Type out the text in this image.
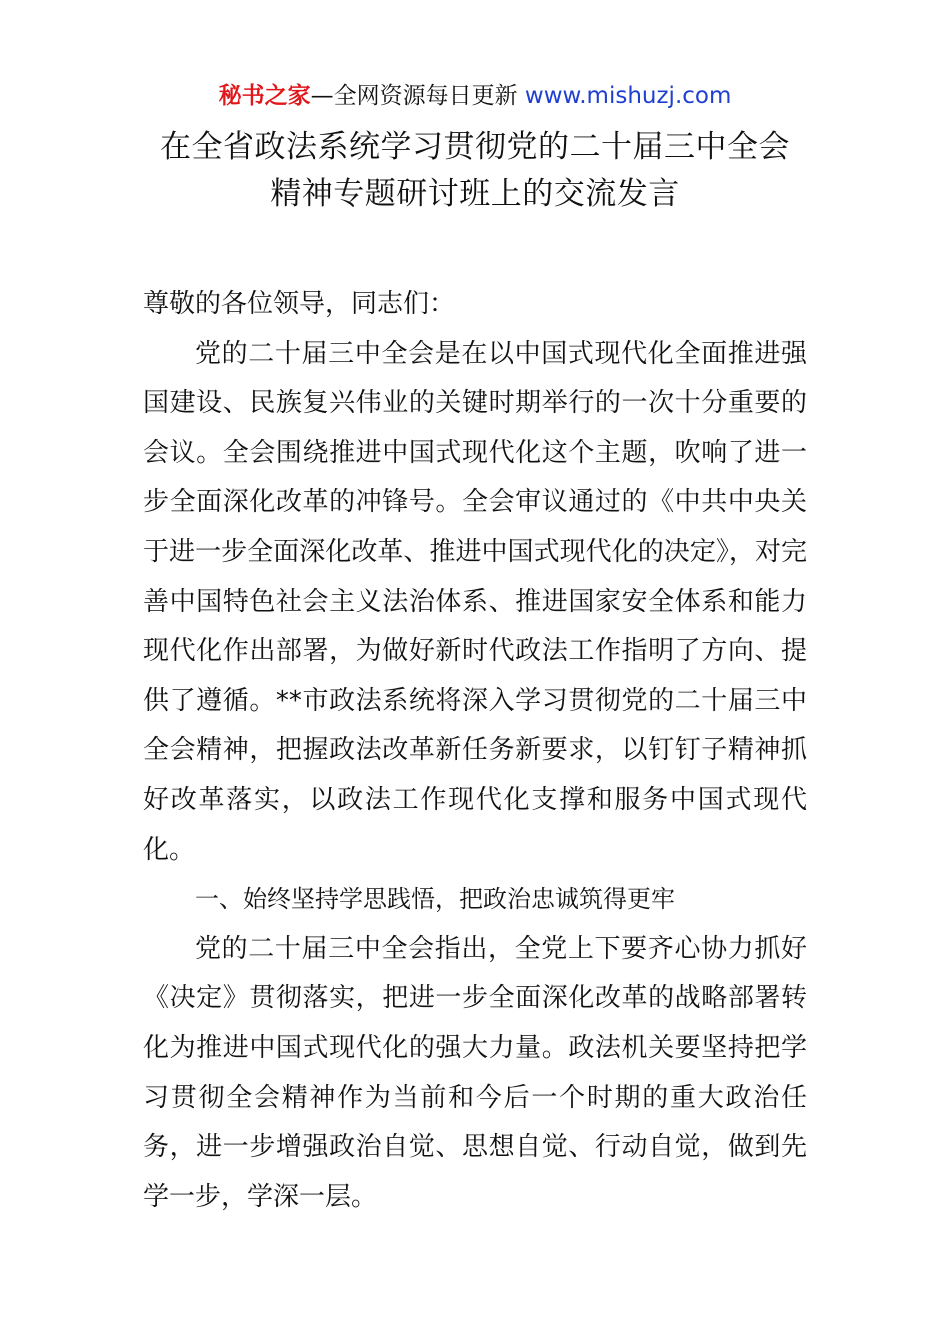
秘书之家—全网资源每日更新 www.mishuzj.com
在全省政法系统学习贯彻党的二十届三中全会
精神专题研讨班上的交流发言

尊敬的各位领导，同志们：

党的二十届三中全会是在以中国式现代化全面推进强国建设、民族复兴伟业的关键时期举行的一次十分重要的会议。全会围绕推进中国式现代化这个主题，吹响了进一步全面深化改革的冲锋号。全会审议通过的《中共中央关于进一步全面深化改革、推进中国式现代化的决定》，对完善中国特色社会主义法治体系、推进国家安全体系和能力现代化作出部署，为做好新时代政法工作指明了方向、提供了遵循。**市政法系统将深入学习贯彻党的二十届三中全会精神，把握政法改革新任务新要求，以钉钉子精神抓好改革落实，以政法工作现代化支撑和服务中国式现代化。

一、始终坚持学思践悟，把政治忠诚筑得更牢

党的二十届三中全会指出，全党上下要齐心协力抓好《决定》贯彻落实，把进一步全面深化改革的战略部署转化为推进中国式现代化的强大力量。政法机关要坚持把学习贯彻全会精神作为当前和今后一个时期的重大政治任务，进一步增强政治自觉、思想自觉、行动自觉，做到先学一步，学深一层。
